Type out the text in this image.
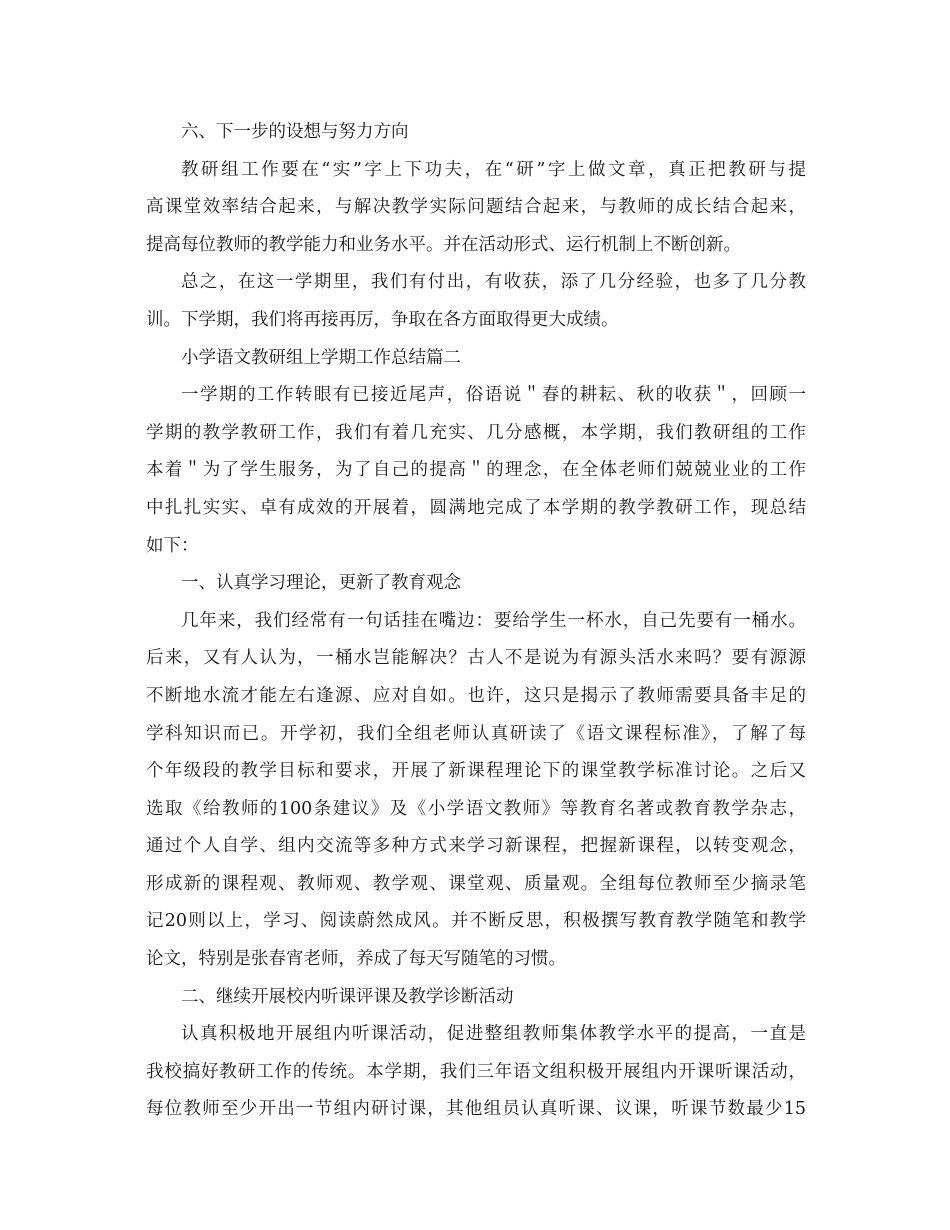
六、下一步的设想与努力方向
教研组工作要在“实”字上下功夫，在“研”字上做文章，真正把教研与提
高课堂效率结合起来，与解决教学实际问题结合起来，与教师的成长结合起来，
提高每位教师的教学能力和业务水平。并在活动形式、运行机制上不断创新。
总之，在这一学期里，我们有付出，有收获，添了几分经验，也多了几分教
训。下学期，我们将再接再厉，争取在各方面取得更大成绩。
小学语文教研组上学期工作总结篇二
一学期的工作转眼有已接近尾声，俗语说＂春的耕耘、秋的收获＂，回顾一
学期的教学教研工作，我们有着几充实、几分感概，本学期，我们教研组的工作
本着＂为了学生服务，为了自己的提高＂的理念，在全体老师们兢兢业业的工作
中扎扎实实、卓有成效的开展着，圆满地完成了本学期的教学教研工作，现总结
如下：
一、认真学习理论，更新了教育观念
几年来，我们经常有一句话挂在嘴边：要给学生一杯水，自己先要有一桶水。
后来，又有人认为，一桶水岂能解决？古人不是说为有源头活水来吗？要有源源
不断地水流才能左右逢源、应对自如。也许，这只是揭示了教师需要具备丰足的
学科知识而已。开学初，我们全组老师认真研读了《语文课程标准》，了解了每
个年级段的教学目标和要求，开展了新课程理论下的课堂教学标准讨论。之后又
选取《给教师的100条建议》及《小学语文教师》等教育名著或教育教学杂志，
通过个人自学、组内交流等多种方式来学习新课程，把握新课程，以转变观念，
形成新的课程观、教师观、教学观、课堂观、质量观。全组每位教师至少摘录笔
记20则以上，学习、阅读蔚然成风。并不断反思，积极撰写教育教学随笔和教学
论文，特别是张春宵老师，养成了每天写随笔的习惯。
二、继续开展校内听课评课及教学诊断活动
认真积极地开展组内听课活动，促进整组教师集体教学水平的提高，一直是
我校搞好教研工作的传统。本学期，我们三年语文组积极开展组内开课听课活动，
每位教师至少开出一节组内研讨课，其他组员认真听课、议课，听课节数最少15
